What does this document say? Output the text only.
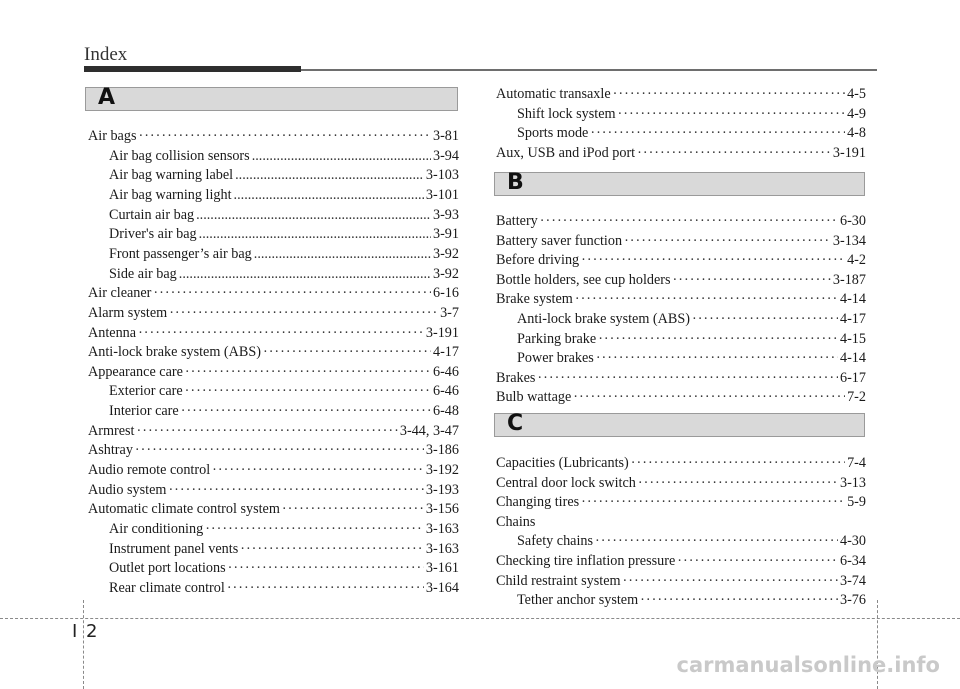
Index
A
B
C
Air bags ·····	3-81
Air bag collision sensors .....	3-94
Air bag warning label .....	3-103
Air bag warning light .....	3-101
Curtain air bag .....	3-93
Driver's air bag .....	3-91
Front passenger’s air bag .....	3-92
Side air bag .....	3-92
Air cleaner ·····	6-16
Alarm system ·····	3-7
Antenna ·····	3-191
Anti-lock brake system (ABS) ·····	4-17
Appearance care ·····	6-46
Exterior care ·····	6-46
Interior care ·····	6-48
Armrest ·····	3-44, 3-47
Ashtray ·····	3-186
Audio remote control ·····	3-192
Audio system ·····	3-193
Automatic climate control system ·····	3-156
Air conditioning ·····	3-163
Instrument panel vents ·····	3-163
Outlet port locations ·····	3-161
Rear climate control ·····	3-164
Automatic transaxle ·····	4-5
Shift lock system ·····	4-9
Sports mode ·····	4-8
Aux, USB and iPod port ·····	3-191
Battery ·····	6-30
Battery saver function ·····	3-134
Before driving ·····	4-2
Bottle holders, see cup holders ·····	3-187
Brake system ·····	4-14
Anti-lock brake system (ABS) ·····	4-17
Parking brake ·····	4-15
Power brakes ·····	4-14
Brakes ·····	6-17
Bulb wattage ·····	7-2
Capacities (Lubricants) ·····	7-4
Central door lock switch ·····	3-13
Changing tires ·····	5-9
Chains
Safety chains ·····	4-30
Checking tire inflation pressure ·····	6-34
Child restraint system ·····	3-74
Tether anchor system ·····	3-76
I 2
carmanualsonline.info
